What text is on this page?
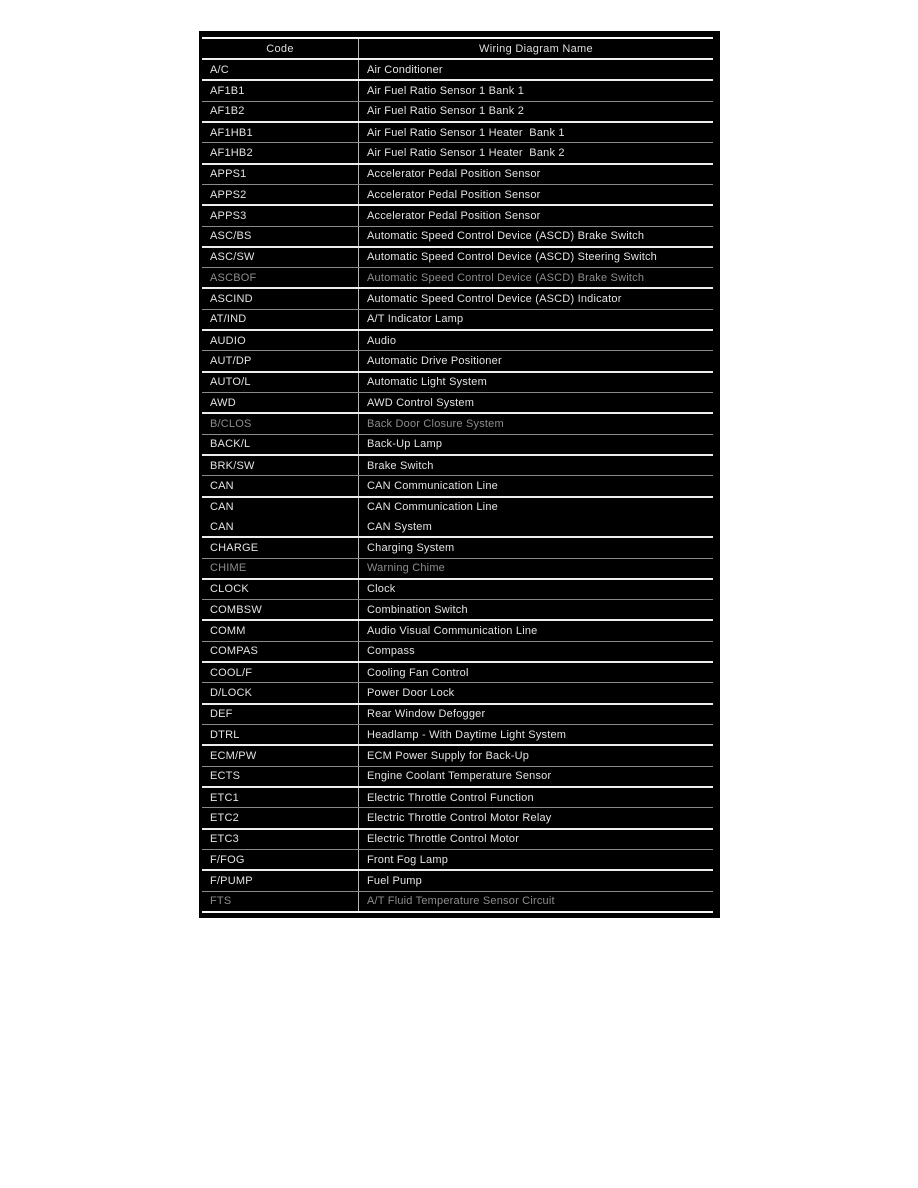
Code	Wiring Diagram Name
A/C	Air Conditioner
AF1B1	Air Fuel Ratio Sensor 1 Bank 1
AF1B2	Air Fuel Ratio Sensor 1 Bank 2
AF1HB1	Air Fuel Ratio Sensor 1 Heater  Bank 1
AF1HB2	Air Fuel Ratio Sensor 1 Heater  Bank 2
APPS1	Accelerator Pedal Position Sensor
APPS2	Accelerator Pedal Position Sensor
APPS3	Accelerator Pedal Position Sensor
ASC/BS	Automatic Speed Control Device (ASCD) Brake Switch
ASC/SW	Automatic Speed Control Device (ASCD) Steering Switch
ASCBOF	Automatic Speed Control Device (ASCD) Brake Switch
ASCIND	Automatic Speed Control Device (ASCD) Indicator
AT/IND	A/T Indicator Lamp
AUDIO	Audio
AUT/DP	Automatic Drive Positioner
AUTO/L	Automatic Light System
AWD	AWD Control System
B/CLOS	Back Door Closure System
BACK/L	Back-Up Lamp
BRK/SW	Brake Switch
CAN	CAN Communication Line
CAN	CAN Communication Line
CAN	CAN System
CHARGE	Charging System
CHIME	Warning Chime
CLOCK	Clock
COMBSW	Combination Switch
COMM	Audio Visual Communication Line
COMPAS	Compass
COOL/F	Cooling Fan Control
D/LOCK	Power Door Lock
DEF	Rear Window Defogger
DTRL	Headlamp - With Daytime Light System
ECM/PW	ECM Power Supply for Back-Up
ECTS	Engine Coolant Temperature Sensor
ETC1	Electric Throttle Control Function
ETC2	Electric Throttle Control Motor Relay
ETC3	Electric Throttle Control Motor
F/FOG	Front Fog Lamp
F/PUMP	Fuel Pump
FTS	A/T Fluid Temperature Sensor Circuit
